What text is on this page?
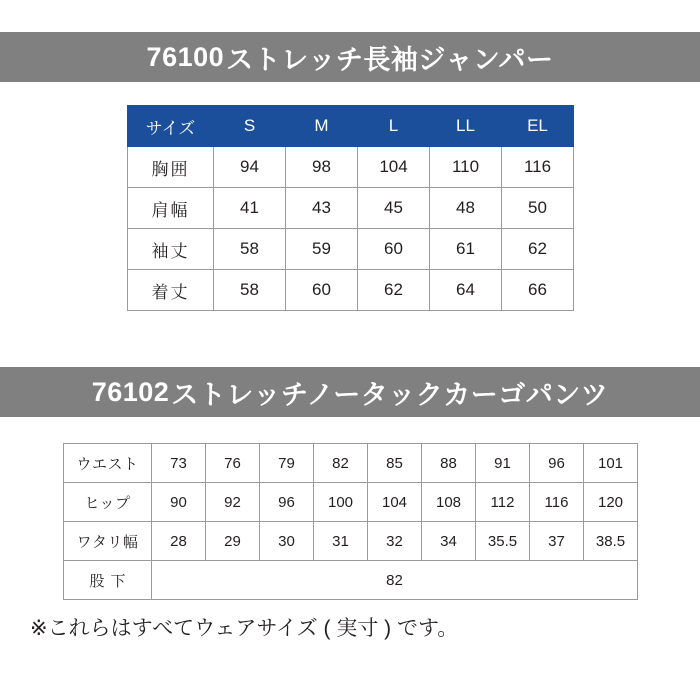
76100 ストレッチ長袖ジャンパー
サイズ	S	M	L	LL	EL
胸囲	94	98	104	110	116
肩幅	41	43	45	48	50
袖丈	58	59	60	61	62
着丈	58	60	62	64	66
76102 ストレッチノータックカーゴパンツ
ウエスト	73	76	79	82	85	88	91	96	101
ヒップ	90	92	96	100	104	108	112	116	120
ワタリ幅	28	29	30	31	32	34	35.5	37	38.5
股下	82								
※これらはすべてウェアサイズ ( 実寸 ) です。
